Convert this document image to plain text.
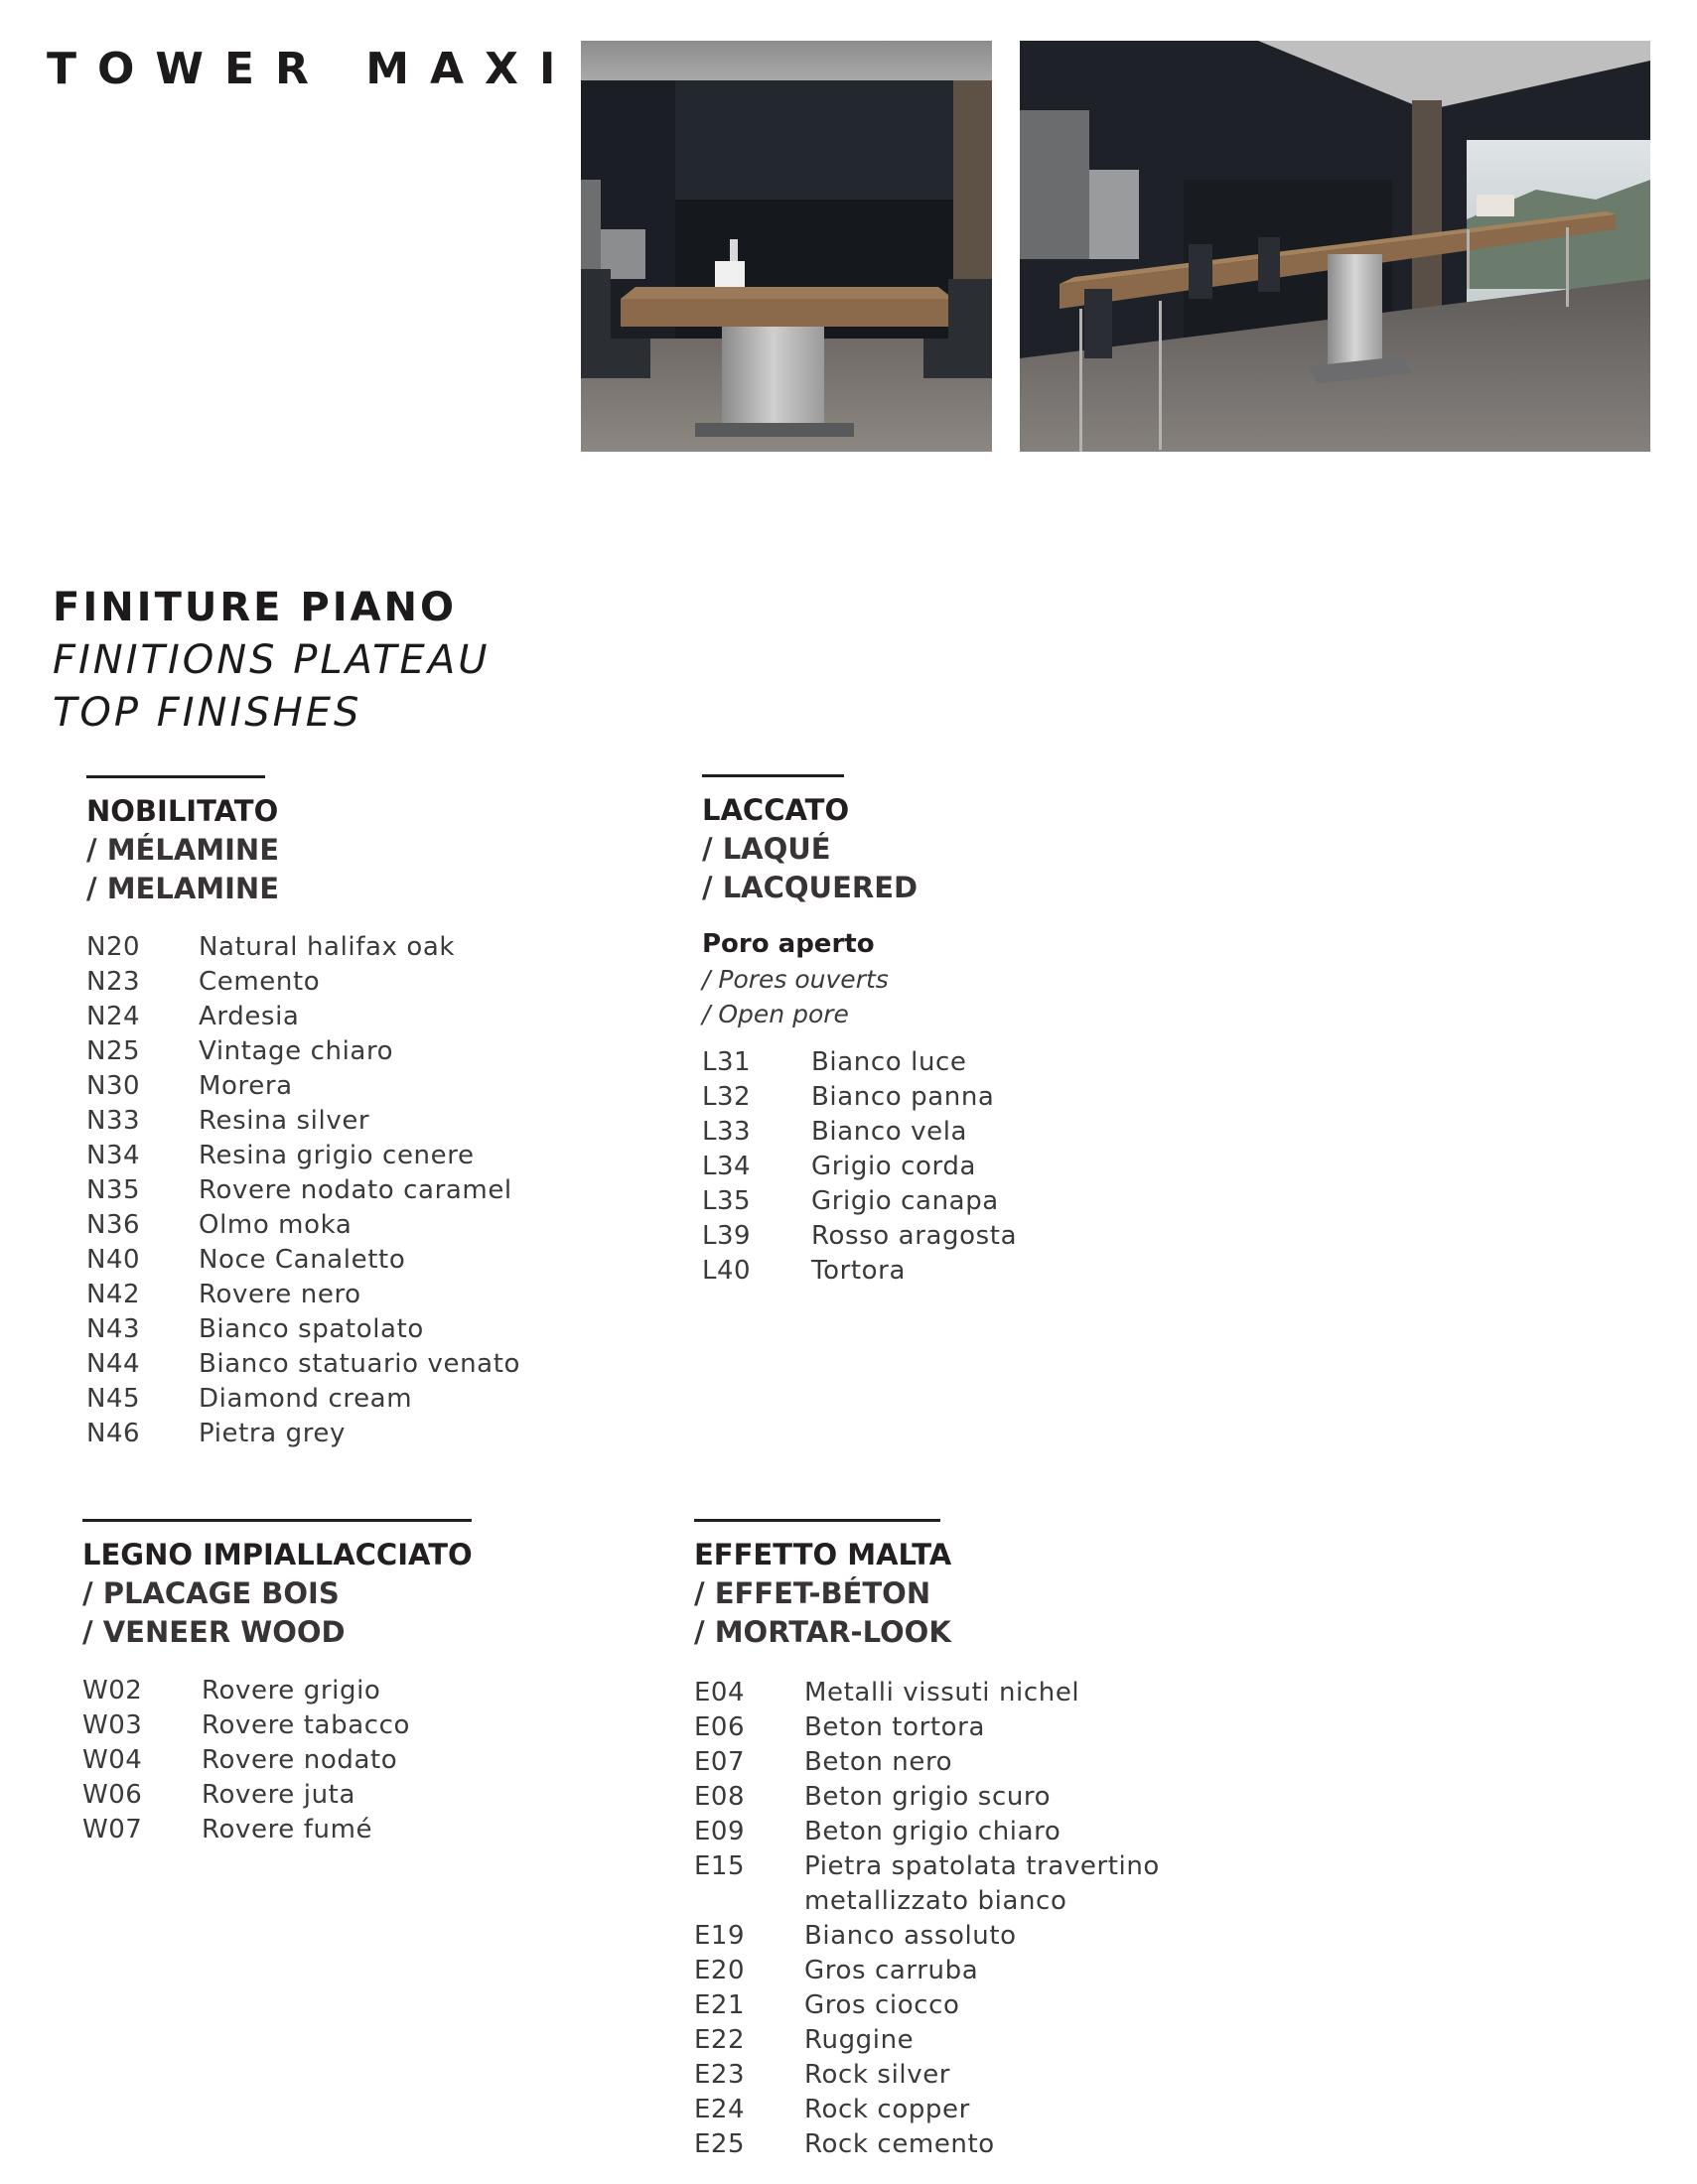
TOWER MAXI
FINITURE PIANO
FINITIONS PLATEAU
TOP FINISHES
NOBILITATO
/ MÉLAMINE
/ MELAMINE
N20	Natural halifax oak
N23	Cemento
N24	Ardesia
N25	Vintage chiaro
N30	Morera
N33	Resina silver
N34	Resina grigio cenere
N35	Rovere nodato caramel
N36	Olmo moka
N40	Noce Canaletto
N42	Rovere nero
N43	Bianco spatolato
N44	Bianco statuario venato
N45	Diamond cream
N46	Pietra grey
LACCATO
/ LAQUÉ
/ LACQUERED
Poro aperto
/ Pores ouverts
/ Open pore
L31	Bianco luce
L32	Bianco panna
L33	Bianco vela
L34	Grigio corda
L35	Grigio canapa
L39	Rosso aragosta
L40	Tortora
LEGNO IMPIALLACCIATO
/ PLACAGE BOIS
/ VENEER WOOD
W02	Rovere grigio
W03	Rovere tabacco
W04	Rovere nodato
W06	Rovere juta
W07	Rovere fumé
EFFETTO MALTA
/ EFFET-BÉTON
/ MORTAR-LOOK
E04	Metalli vissuti nichel
E06	Beton tortora
E07	Beton nero
E08	Beton grigio scuro
E09	Beton grigio chiaro
E15	Pietra spatolata travertino
metallizzato bianco
E19	Bianco assoluto
E20	Gros carruba
E21	Gros ciocco
E22	Ruggine
E23	Rock silver
E24	Rock copper
E25	Rock cemento
